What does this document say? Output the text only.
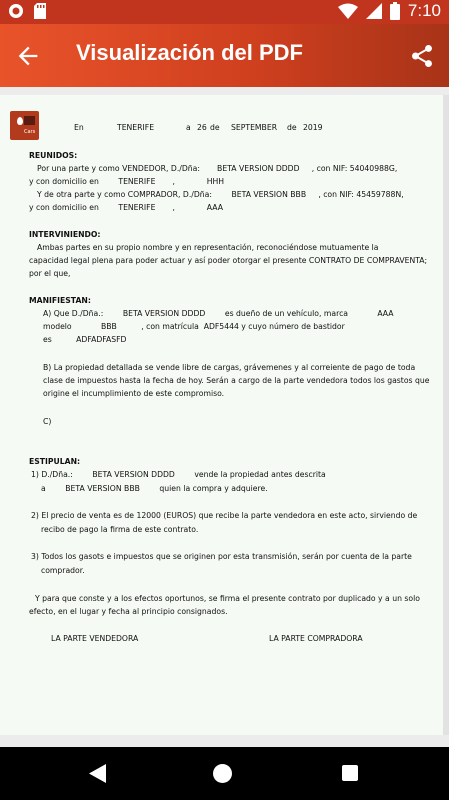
7:10
Visualización del PDF
Cars	En	TENERIFE	a 26 de SEPTEMBER de 2019
REUNIDOS:
Por una parte y como VENDEDOR, D./Dña:       BETA VERSION DDDD     , con NIF: 54040988G,
y con domicilio en        TENERIFE       ,             HHH
Y de otra parte y como COMPRADOR, D./Dña:        BETA VERSION BBB     , con NIF: 45459788N,
y con domicilio en        TENERIFE       ,             AAA
INTERVINIENDO:
Ambas partes en su propio nombre y en representación, reconociéndose mutuamente la
capacidad legal plena para poder actuar y así poder otorgar el presente CONTRATO DE COMPRAVENTA;
por el que,
MANIFIESTAN:
A) Que D./Dña.:        BETA VERSION DDDD        es dueño de un vehículo, marca            AAA
modelo            BBB          , con matrícula  ADF5444 y cuyo número de bastidor
es          ADFADFASFD
B) La propiedad detallada se vende libre de cargas, grávemenes y al correiente de pago de toda
clase de impuestos hasta la fecha de hoy. Serán a cargo de la parte vendedora todos los gastos que
origine el incumplimiento de este compromiso.
C)
ESTIPULAN:
1) D./Dña.:        BETA VERSION DDDD        vende la propiedad antes descrita
a        BETA VERSION BBB        quien la compra y adquiere.
2) El precio de venta es de 12000 (EUROS) que recibe la parte vendedora en este acto, sirviendo de
recibo de pago la firma de este contrato.
3) Todos los gasots e impuestos que se originen por esta transmisión, serán por cuenta de la parte
comprador.
Y para que conste y a los efectos oportunos, se firma el presente contrato por duplicado y a un solo
efecto, en el lugar y fecha al principio consignados.
LA PARTE VENDEDORA	LA PARTE COMPRADORA
